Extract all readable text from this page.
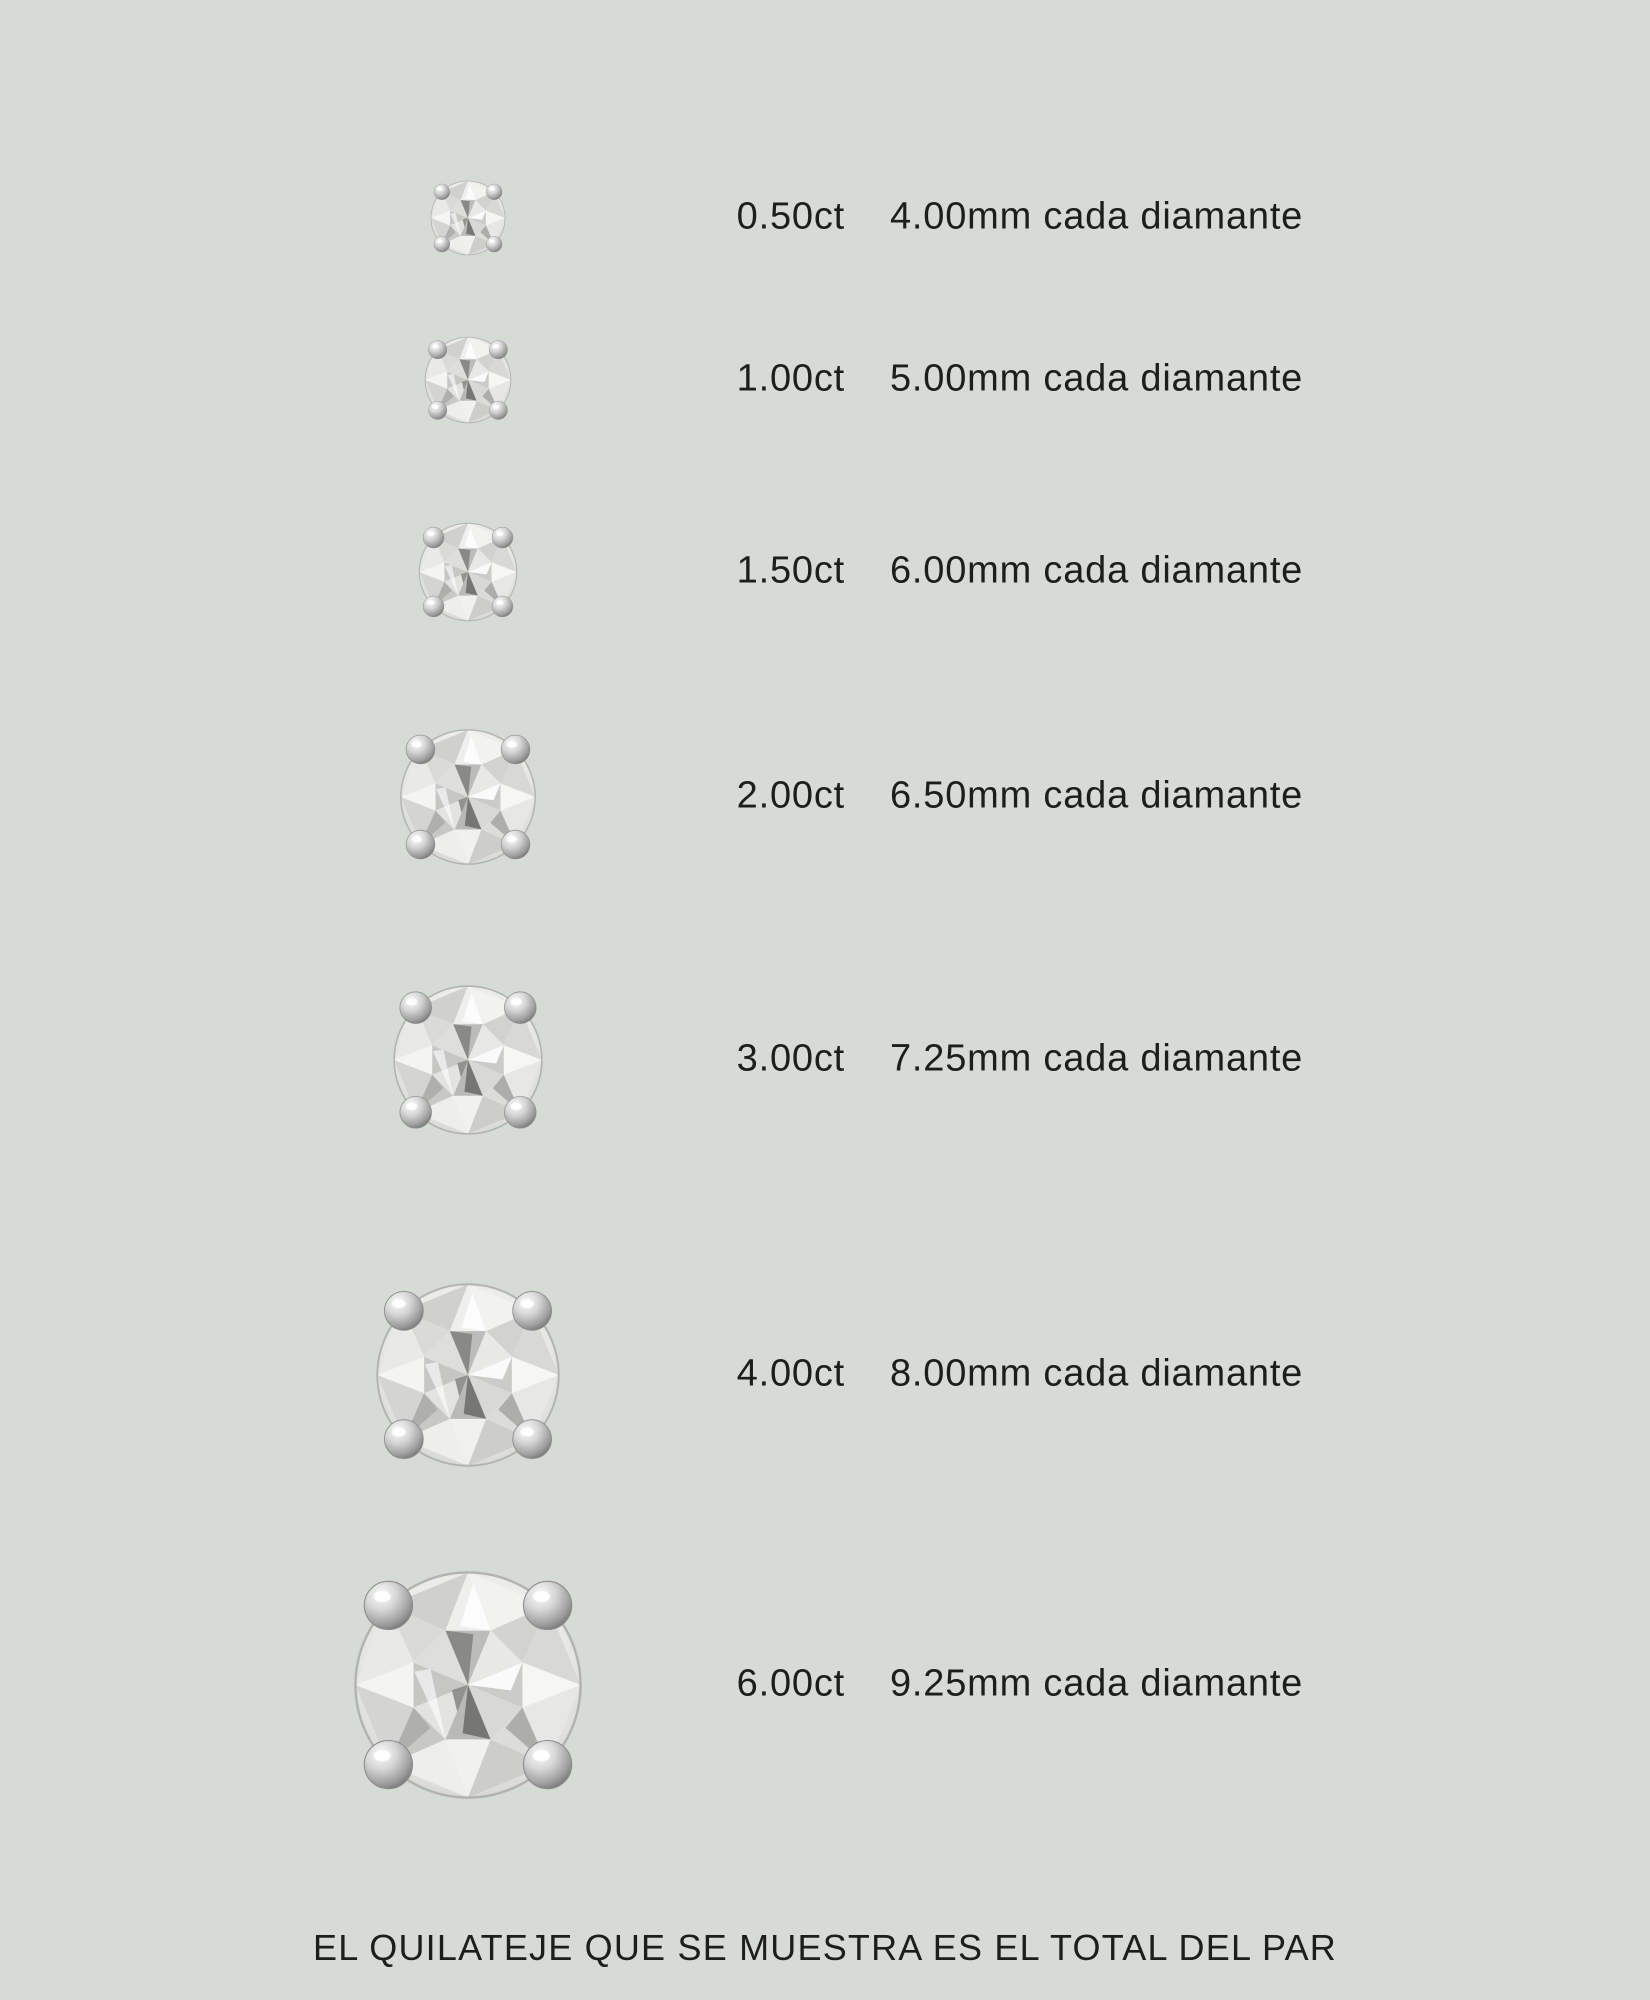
0.50ct 4.00mm cada diamante
1.00ct 5.00mm cada diamante
1.50ct 6.00mm cada diamante
2.00ct 6.50mm cada diamante
3.00ct 7.25mm cada diamante
4.00ct 8.00mm cada diamante
6.00ct 9.25mm cada diamante
EL QUILATEJE QUE SE MUESTRA ES EL TOTAL DEL PAR
